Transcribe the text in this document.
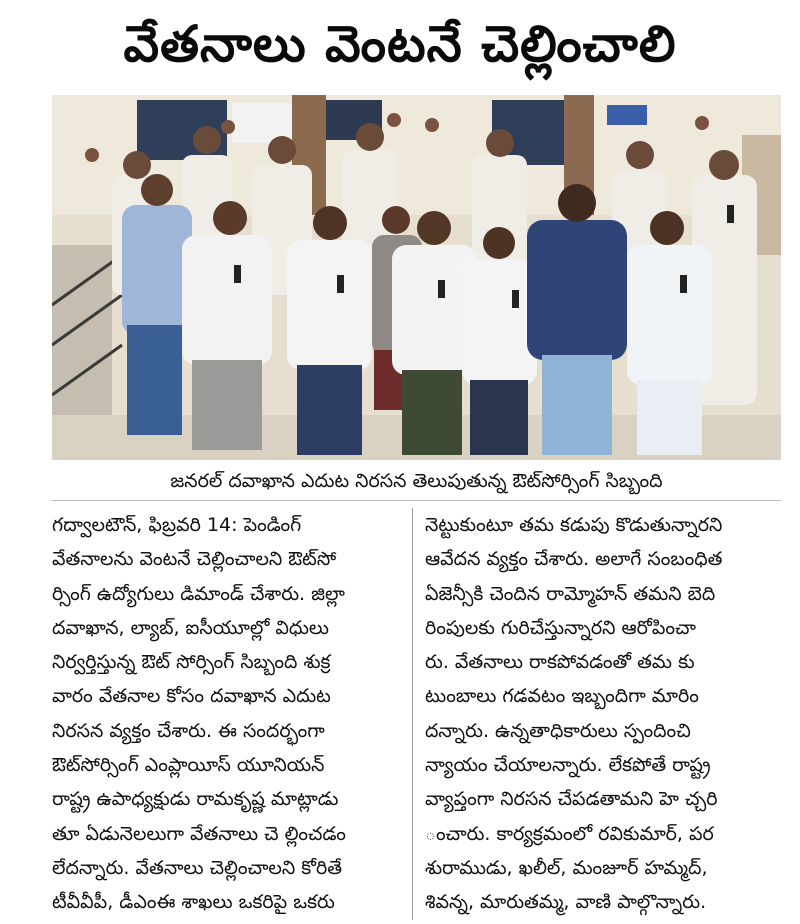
వేతనాలు వెంటనే చెల్లించాలి
జనరల్ దవాఖాన ఎదుట నిరసన తెలుపుతున్న ఔట్‌సోర్సింగ్ సిబ్బంది
గద్వాలటౌన్, ఫిబ్రవరి 14: పెండింగ్
వేతనాలను వెంటనే చెల్లించాలని ఔట్‌సో
ర్సింగ్ ఉద్యోగులు డిమాండ్ చేశారు. జిల్లా
దవాఖాన, ల్యాబ్, ఐసీయూల్లో విధులు
నిర్వర్తిస్తున్న ఔట్ సోర్సింగ్ సిబ్బంది శుక్ర
వారం వేతనాల కోసం దవాఖాన ఎదుట
నిరసన వ్యక్తం చేశారు. ఈ సందర్భంగా
ఔట్‌సోర్సింగ్ ఎంప్లాయీస్ యూనియన్
రాష్ట్ర ఉపాధ్యక్షుడు రామకృష్ణ మాట్లాడు
తూ ఏడునెలలుగా వేతనాలు చె ల్లించడం
లేదన్నారు. వేతనాలు చెల్లించాలని కోరితే
టీవీవీపీ, డీఎంఈ శాఖలు ఒకరిపై ఒకరు
నెట్టుకుంటూ తమ కడుపు కొడుతున్నారని
ఆవేదన వ్యక్తం చేశారు. అలాగే సంబంధిత
ఏజెన్సీకి చెందిన రామ్మోహన్ తమని బెది
రింపులకు గురిచేస్తున్నారని ఆరోపించా
రు. వేతనాలు రాకపోవడంతో తమ కు
టుంబాలు గడవటం ఇబ్బందిగా మారిం
దన్నారు. ఉన్నతాధికారులు స్పందించి
న్యాయం చేయాలన్నారు. లేకపోతే రాష్ట్ర
వ్యాప్తంగా నిరసన చేపడతామని హె చ్చరి
ంచారు. కార్యక్రమంలో రవికుమార్, పర
శురాముడు, ఖలీల్, మంజూర్ హమ్మద్,
శివన్న, మారుతమ్మ, వాణి పాల్గొన్నారు.
